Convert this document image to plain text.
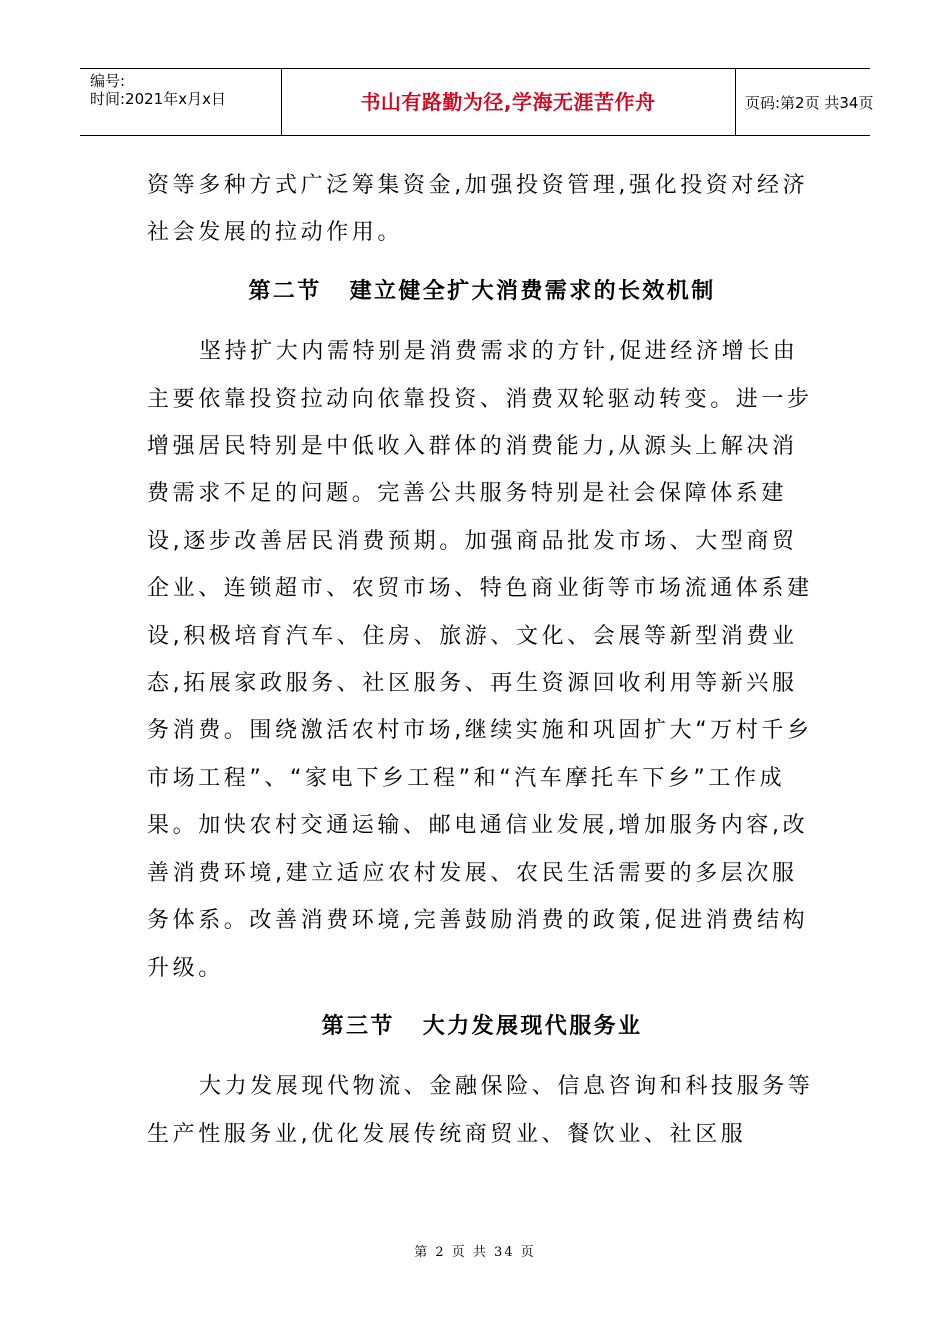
编号:
时间:2021年x月x日	书山有路勤为径,学海无涯苦作舟	页码:第2页 共34页

资等多种方式广泛筹集资金,加强投资管理,强化投资对经济社会发展的拉动作用。

第二节 建立健全扩大消费需求的长效机制

坚持扩大内需特别是消费需求的方针,促进经济增长由主要依靠投资拉动向依靠投资、消费双轮驱动转变。进一步增强居民特别是中低收入群体的消费能力,从源头上解决消费需求不足的问题。完善公共服务特别是社会保障体系建设,逐步改善居民消费预期。加强商品批发市场、大型商贸企业、连锁超市、农贸市场、特色商业街等市场流通体系建设,积极培育汽车、住房、旅游、文化、会展等新型消费业态,拓展家政服务、社区服务、再生资源回收利用等新兴服务消费。围绕激活农村市场,继续实施和巩固扩大“万村千乡市场工程”、“家电下乡工程”和“汽车摩托车下乡”工作成果。加快农村交通运输、邮电通信业发展,增加服务内容,改善消费环境,建立适应农村发展、农民生活需要的多层次服务体系。改善消费环境,完善鼓励消费的政策,促进消费结构升级。

第三节 大力发展现代服务业

大力发展现代物流、金融保险、信息咨询和科技服务等生产性服务业,优化发展传统商贸业、餐饮业、社区服

第 2 页 共 34 页
